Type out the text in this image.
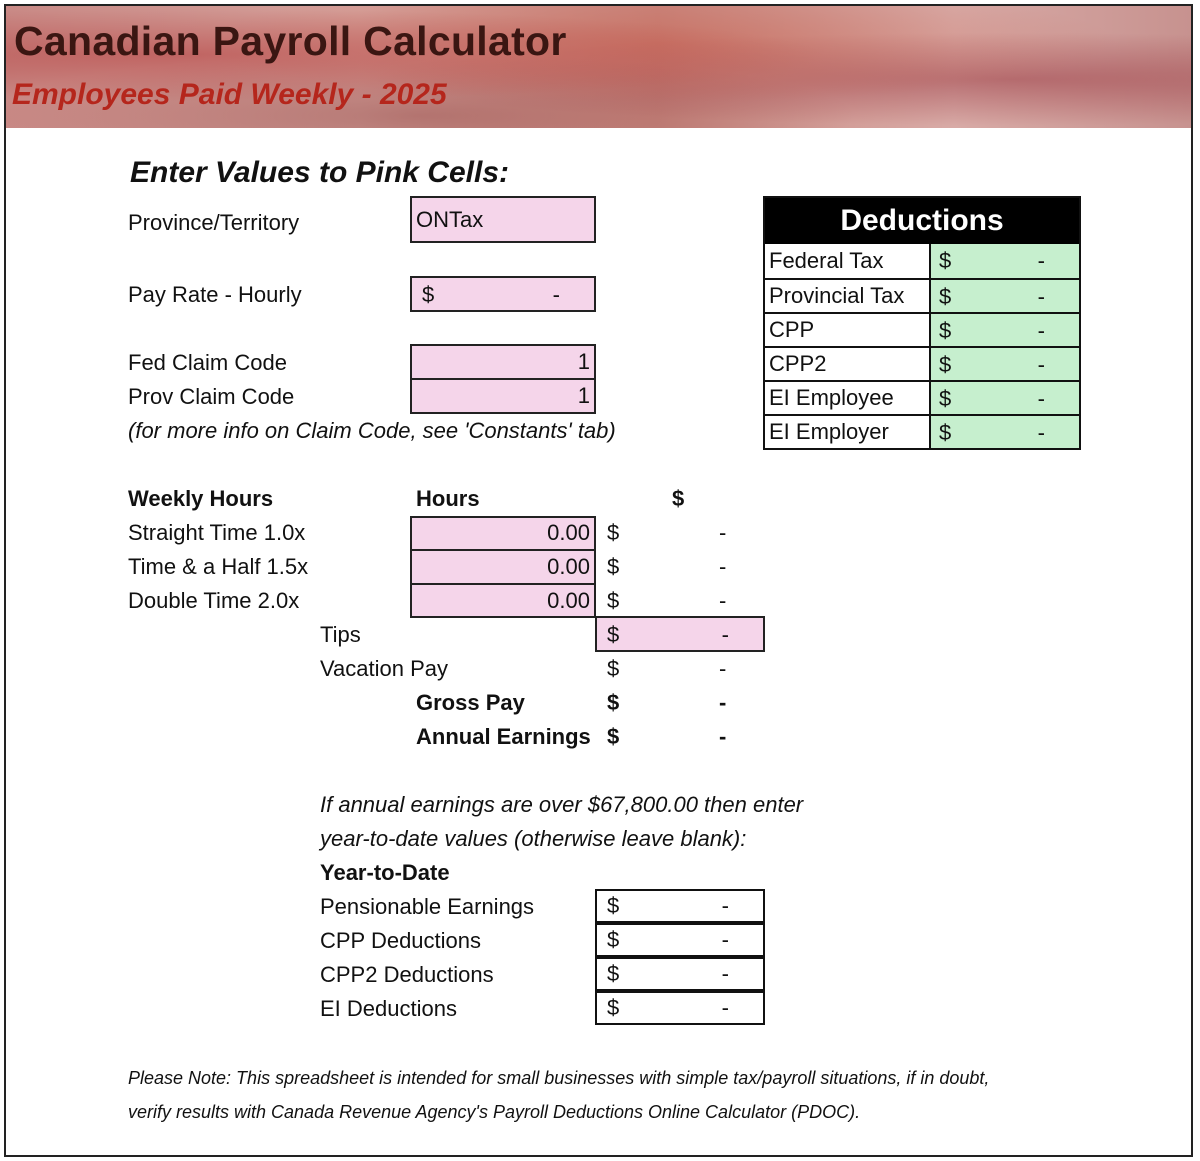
Canadian Payroll Calculator
Employees Paid Weekly - 2025
Enter Values to Pink Cells:
Province/Territory	ONTax
Pay Rate - Hourly	$	-
Fed Claim Code	1
Prov Claim Code	1
(for more info on Claim Code, see 'Constants' tab)
Deductions
Federal Tax	$	-
Provincial Tax	$	-
CPP	$	-
CPP2	$	-
EI Employee	$	-
EI Employer	$	-
Weekly Hours	Hours	$
Straight Time 1.0x	0.00 $	-
Time & a Half 1.5x	0.00 $	-
Double Time 2.0x	0.00 $	-
Tips	$	-
Vacation Pay	$	-
Gross Pay	$	-
Annual Earnings $	-
If annual earnings are over $67,800.00 then enter
year-to-date values (otherwise leave blank):
Year-to-Date
Pensionable Earnings	$	-
CPP Deductions	$	-
CPP2 Deductions	$	-
EI Deductions	$	-
Please Note: This spreadsheet is intended for small businesses with simple tax/payroll situations, if in doubt,
verify results with Canada Revenue Agency's Payroll Deductions Online Calculator (PDOC).
